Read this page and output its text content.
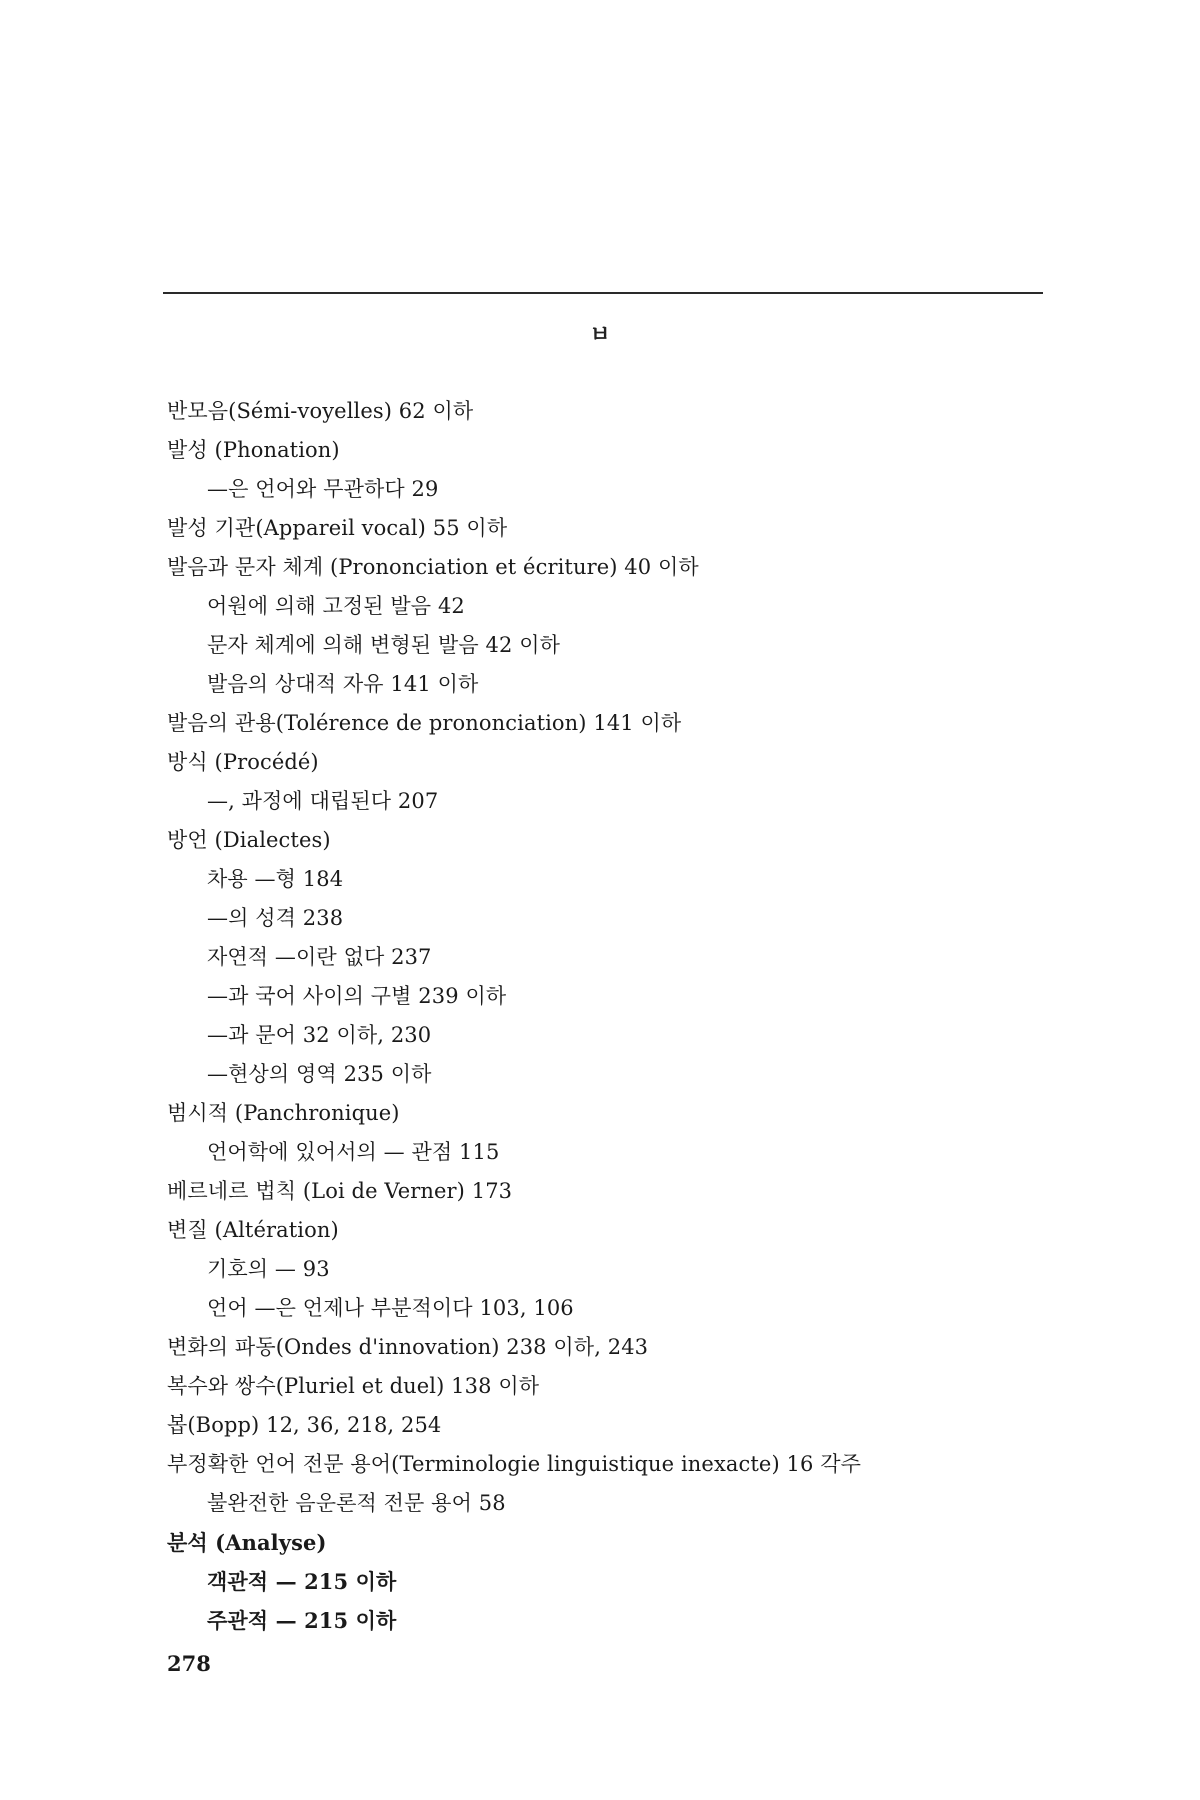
ㅂ
반모음(Sémi-voyelles) 62 이하
발성 (Phonation)
—은 언어와 무관하다 29
발성 기관(Appareil vocal) 55 이하
발음과 문자 체계 (Prononciation et écriture) 40 이하
어원에 의해 고정된 발음 42
문자 체계에 의해 변형된 발음 42 이하
발음의 상대적 자유 141 이하
발음의 관용(Tolérence de prononciation) 141 이하
방식 (Procédé)
—, 과정에 대립된다 207
방언 (Dialectes)
차용 —형 184
—의 성격 238
자연적 —이란 없다 237
—과 국어 사이의 구별 239 이하
—과 문어 32 이하, 230
—현상의 영역 235 이하
범시적 (Panchronique)
언어학에 있어서의 — 관점 115
베르네르 법칙 (Loi de Verner) 173
변질 (Altération)
기호의 — 93
언어 —은 언제나 부분적이다 103, 106
변화의 파동(Ondes d'innovation) 238 이하, 243
복수와 쌍수(Pluriel et duel) 138 이하
봅(Bopp) 12, 36, 218, 254
부정확한 언어 전문 용어(Terminologie linguistique inexacte) 16 각주
불완전한 음운론적 전문 용어 58
분석 (Analyse)
객관적 — 215 이하
주관적 — 215 이하
278
